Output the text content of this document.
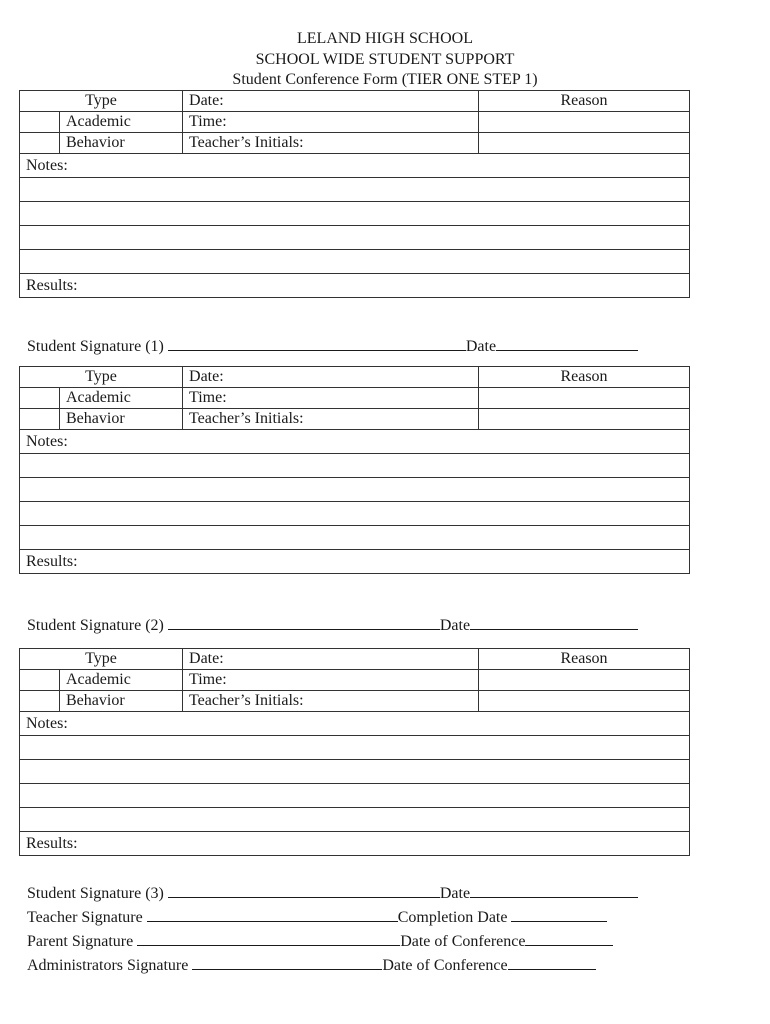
LELAND HIGH SCHOOL
SCHOOL WIDE STUDENT SUPPORT
Student Conference Form (TIER ONE STEP 1)
Type		Date:	Reason
	Academic	Time:	
	Behavior	Teacher’s Initials:	
Notes:			

Results:			
Student Signature (1)	Date
Type		Date:	Reason
	Academic	Time:	
	Behavior	Teacher’s Initials:	
Notes:			

Results:			
Student Signature (2)	Date
Type		Date:	Reason
	Academic	Time:	
	Behavior	Teacher’s Initials:	
Notes:			

Results:			
Student Signature (3)	Date
Teacher Signature	Completion Date
Parent Signature	Date of Conference
Administrators Signature	Date of Conference
